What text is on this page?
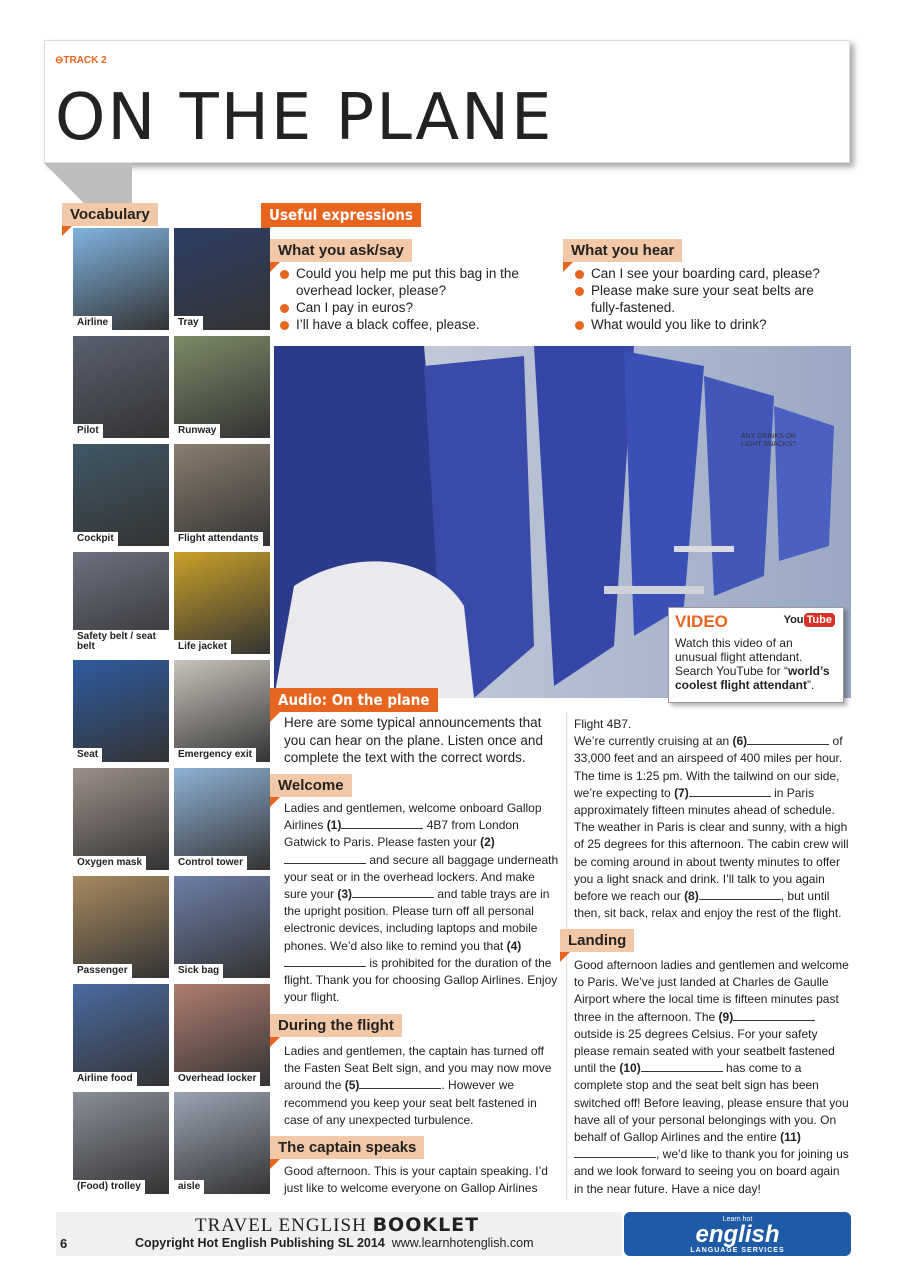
⊖TRACK 2
ON THE PLANE
Vocabulary	Useful expressions
What you ask/say	What you hear
Airline	Tray
Pilot	Runway
Cockpit	Flight attendants
Safety belt / seat belt	Life jacket
Seat	Emergency exit
Oxygen mask	Control tower
Passenger	Sick bag
Airline food	Overhead locker
(Food) trolley	aisle
Could you help me put this bag in the overhead locker, please?
Can I pay in euros?
I’ll have a black coffee, please.
Can I see your boarding card, please?
Please make sure your seat belts are fully-fastened.
What would you like to drink?
ANY DRINKS OR LIGHT SNACKS?
VIDEO	You Tube
Watch this video of an unusual flight attendant. Search YouTube for “world’s coolest flight attendant”.
Audio: On the plane
Here are some typical announcements that you can hear on the plane. Listen once and complete the text with the correct words.
Welcome
Ladies and gentlemen, welcome onboard Gallop Airlines (1)	4B7 from London Gatwick to Paris. Please fasten your (2)
and secure all baggage underneath your seat or in the overhead lockers. And make sure your (3)	and table trays are in the upright position. Please turn off all personal electronic devices, including laptops and mobile phones. We’d also like to remind you that (4)
is prohibited for the duration of the flight. Thank you for choosing Gallop Airlines. Enjoy your flight.
During the flight
Ladies and gentlemen, the captain has turned off the Fasten Seat Belt sign, and you may now move around the (5)	. However we recommend you keep your seat belt fastened in case of any unexpected turbulence.
The captain speaks
Good afternoon. This is your captain speaking. I’d just like to welcome everyone on Gallop Airlines
Flight 4B7.
We’re currently cruising at an (6)	of 33,000 feet and an airspeed of 400 miles per hour. The time is 1:25 pm. With the tailwind on our side, we’re expecting to (7)	in Paris approximately fifteen minutes ahead of schedule. The weather in Paris is clear and sunny, with a high of 25 degrees for this afternoon. The cabin crew will be coming around in about twenty minutes to offer you a light snack and drink. I’ll talk to you again before we reach our (8)	, but until then, sit back, relax and enjoy the rest of the flight.
Landing
Good afternoon ladies and gentlemen and welcome to Paris. We’ve just landed at Charles de Gaulle Airport where the local time is fifteen minutes past three in the afternoon. The (9) outside is 25 degrees Celsius. For your safety please remain seated with your seatbelt fastened until the (10)	has come to a complete stop and the seat belt sign has been switched off! Before leaving, please ensure that you have all of your personal belongings with you. On behalf of Gallop Airlines and the entire (11), we’d like to thank you for joining us and we look forward to seeing you on board again in the near future. Have a nice day!
6
TRAVEL ENGLISH BOOKLET
Copyright Hot English Publishing SL 2014 www.learnhotenglish.com
Learn hot
english
LANGUAGE SERVICES
